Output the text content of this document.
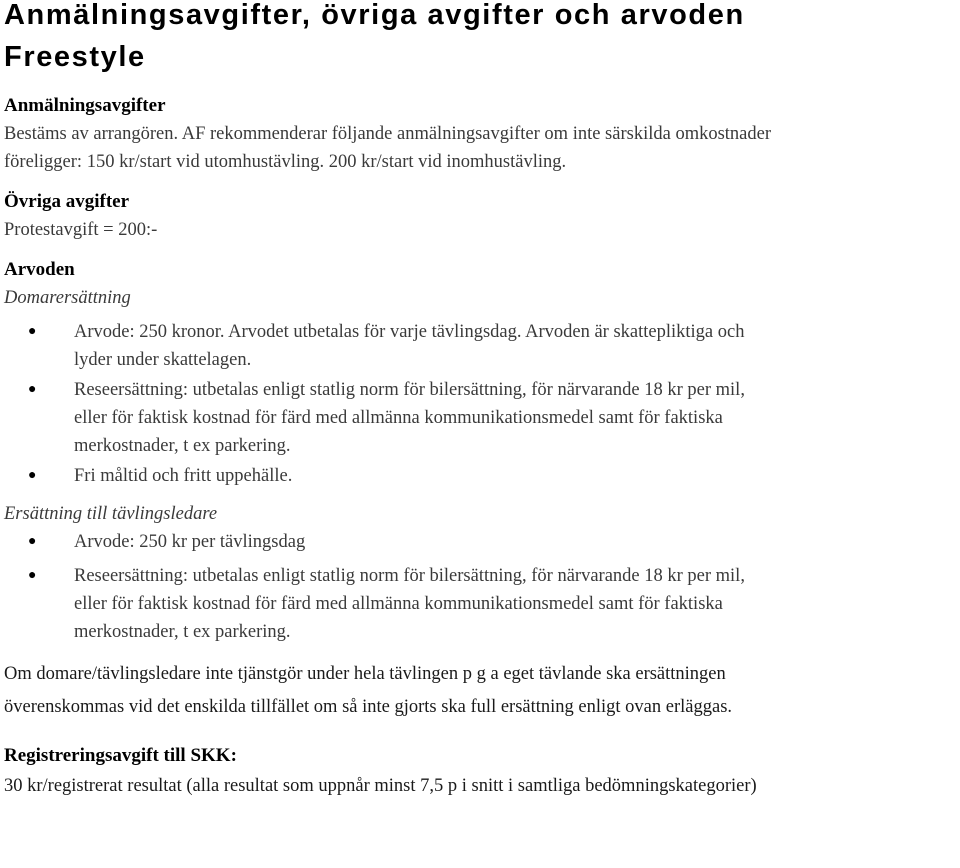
Anmälningsavgifter, övriga avgifter och arvoden
Freestyle
Anmälningsavgifter

Bestäms av arrangören. AF rekommenderar följande anmälningsavgifter om inte särskilda omkostnader

föreligger: 150 kr/start vid utomhustävling. 200 kr/start vid inomhustävling.

Övriga avgifter

Protestavgift = 200:-

Arvoden

Domarersättning

● Arvode: 250 kronor. Arvodet utbetalas för varje tävlingsdag. Arvoden är skattepliktiga och
lyder under skattelagen.
● Reseersättning: utbetalas enligt statlig norm för bilersättning, för närvarande 18 kr per mil,
eller för faktisk kostnad för färd med allmänna kommunikationsmedel samt för faktiska
merkostnader, t ex parkering.
● Fri måltid och fritt uppehälle.

Ersättning till tävlingsledare

● Arvode: 250 kr per tävlingsdag
● Reseersättning: utbetalas enligt statlig norm för bilersättning, för närvarande 18 kr per mil,
eller för faktisk kostnad för färd med allmänna kommunikationsmedel samt för faktiska
merkostnader, t ex parkering.

Om domare/tävlingsledare inte tjänstgör under hela tävlingen p g a eget tävlande ska ersättningen

överenskommas vid det enskilda tillfället om så inte gjorts ska full ersättning enligt ovan erläggas.

Registreringsavgift till SKK:

30 kr/registrerat resultat (alla resultat som uppnår minst 7,5 p i snitt i samtliga bedömningskategorier)
